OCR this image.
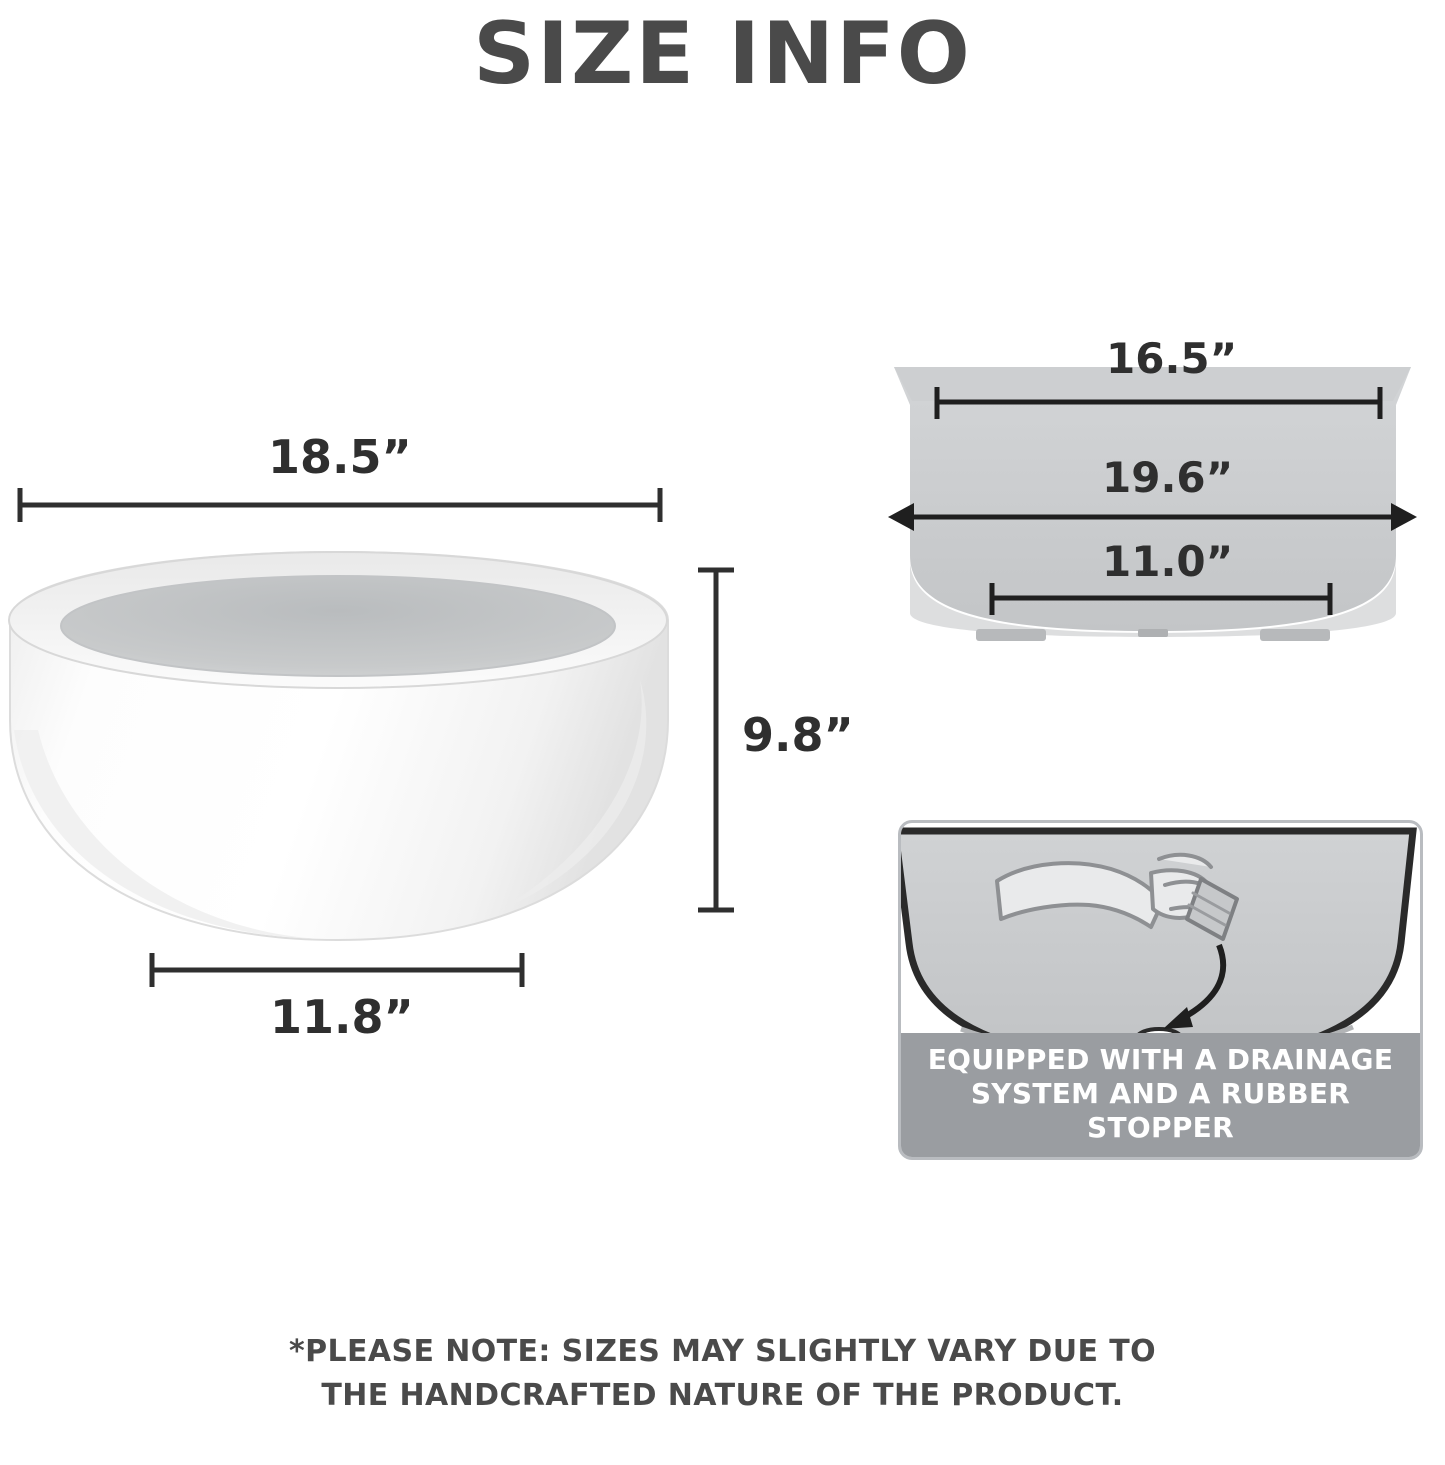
SIZE INFO
18.5”
9.8”
11.8”
16.5”
19.6”
11.0”
EQUIPPED WITH A DRAINAGE
SYSTEM AND A RUBBER STOPPER
*PLEASE NOTE: SIZES MAY SLIGHTLY VARY DUE TO
THE HANDCRAFTED NATURE OF THE PRODUCT.
